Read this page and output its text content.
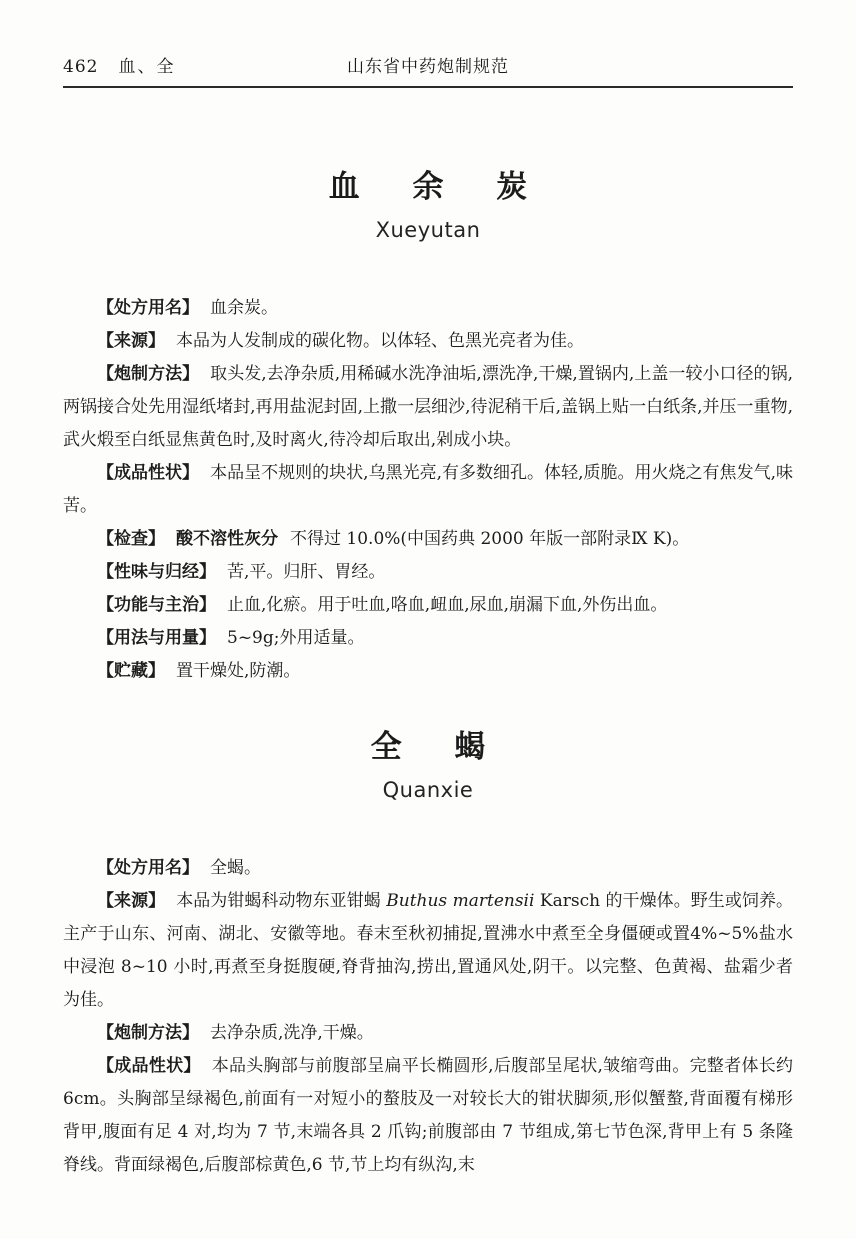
462 血、全	山东省中药炮制规范
血余炭
Xueyutan

【处方用名】 血余炭。

【来源】 本品为人发制成的碳化物。以体轻、色黑光亮者为佳。

【炮制方法】 取头发,去净杂质,用稀碱水洗净油垢,漂洗净,干燥,置锅内,上盖一较小口径的锅,两锅接合处先用湿纸堵封,再用盐泥封固,上撒一层细沙,待泥稍干后,盖锅上贴一白纸条,并压一重物,武火煅至白纸显焦黄色时,及时离火,待冷却后取出,剁成小块。

【成品性状】 本品呈不规则的块状,乌黑光亮,有多数细孔。体轻,质脆。用火烧之有焦发气,味苦。

【检查】 酸不溶性灰分 不得过 10.0%(中国药典 2000 年版一部附录Ⅸ K)。

【性味与归经】 苦,平。归肝、胃经。

【功能与主治】 止血,化瘀。用于吐血,咯血,衄血,尿血,崩漏下血,外伤出血。

【用法与用量】 5~9g;外用适量。

【贮藏】 置干燥处,防潮。

全蝎
Quanxie

【处方用名】 全蝎。

【来源】 本品为钳蝎科动物东亚钳蝎 Buthus martensii Karsch 的干燥体。野生或饲养。主产于山东、河南、湖北、安徽等地。春末至秋初捕捉,置沸水中煮至全身僵硬或置4%~5%盐水中浸泡 8~10 小时,再煮至身挺腹硬,脊背抽沟,捞出,置通风处,阴干。以完整、色黄褐、盐霜少者为佳。

【炮制方法】 去净杂质,洗净,干燥。

【成品性状】 本品头胸部与前腹部呈扁平长椭圆形,后腹部呈尾状,皱缩弯曲。完整者体长约 6cm。头胸部呈绿褐色,前面有一对短小的螯肢及一对较长大的钳状脚须,形似蟹螯,背面覆有梯形背甲,腹面有足 4 对,均为 7 节,末端各具 2 爪钩;前腹部由 7 节组成,第七节色深,背甲上有 5 条隆脊线。背面绿褐色,后腹部棕黄色,6 节,节上均有纵沟,末
